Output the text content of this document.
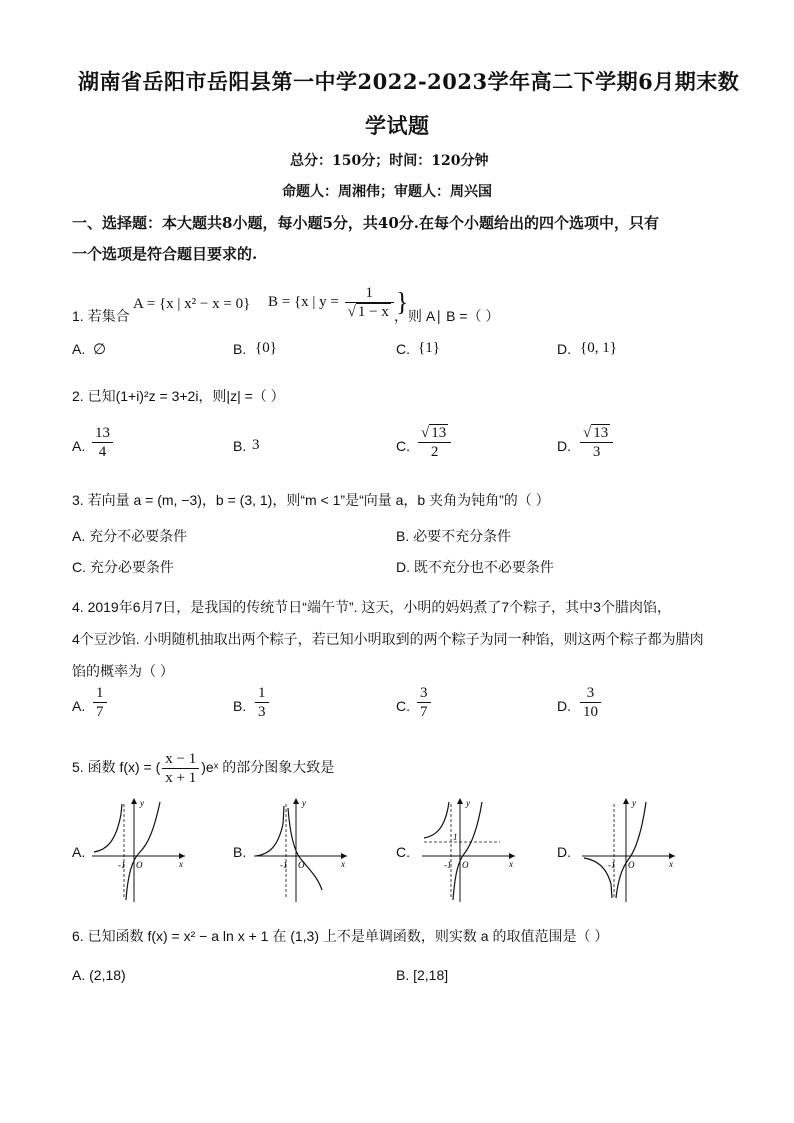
湖南省岳阳市岳阳县第一中学2022-2023学年高二下学期6月期末数
学试题
总分：150分；时间：120分钟
命题人：周湘伟；审题人：周兴国
一、选择题：本大题共8小题，每小题5分，共40分.在每个小题给出的四个选项中，只有
一个选项是符合题目要求的.
1. 若集合
A = {x | x² − x = 0} B = {x | $y = \frac{1}{√ 1 - x}$ }
，则 A∣ B =（ ）
A. ∅	B. {0}	C. {1}	D. {0, 1}
2. 已知(1+i)²z = 3+2i，则|z| =（ ）
A. $\frac{13}{4}$	B. 3	C. $\frac{√ 13}{2}$	D. $\frac{√ 13}{3}$
3. 若向量 a = (m, −3)，b = (3, 1)，则“m < 1”是“向量 a，b 夹角为钝角”的（ ）
A. 充分不必要条件	B. 必要不充分条件
C. 充分必要条件	D. 既不充分也不必要条件
4. 2019年6月7日，是我国的传统节日“端午节”. 这天，小明的妈妈煮了7个粽子，其中3个腊肉馅，
4个豆沙馅. 小明随机抽取出两个粽子，若已知小明取到的两个粽子为同一种馅，则这两个粽子都为腊肉
馅的概率为（ ）
A. $\frac{1}{7}$	B. $\frac{1}{3}$	C. $\frac{3}{7}$	D. $\frac{3}{10}$
5. 函数 f(x) = ( $\frac{x - 1}{x + 1}$ )eˣ 的部分图象大致是
A.
-1 O
y
x
B.
-1 O
y
x
C.
-1 O
1
y
x
D.
-1 O
y
x
6. 已知函数 f(x) = x² − a ln x + 1 在 (1,3) 上不是单调函数，则实数 a 的取值范围是（ ）
A. (2,18)	B. [2,18]
